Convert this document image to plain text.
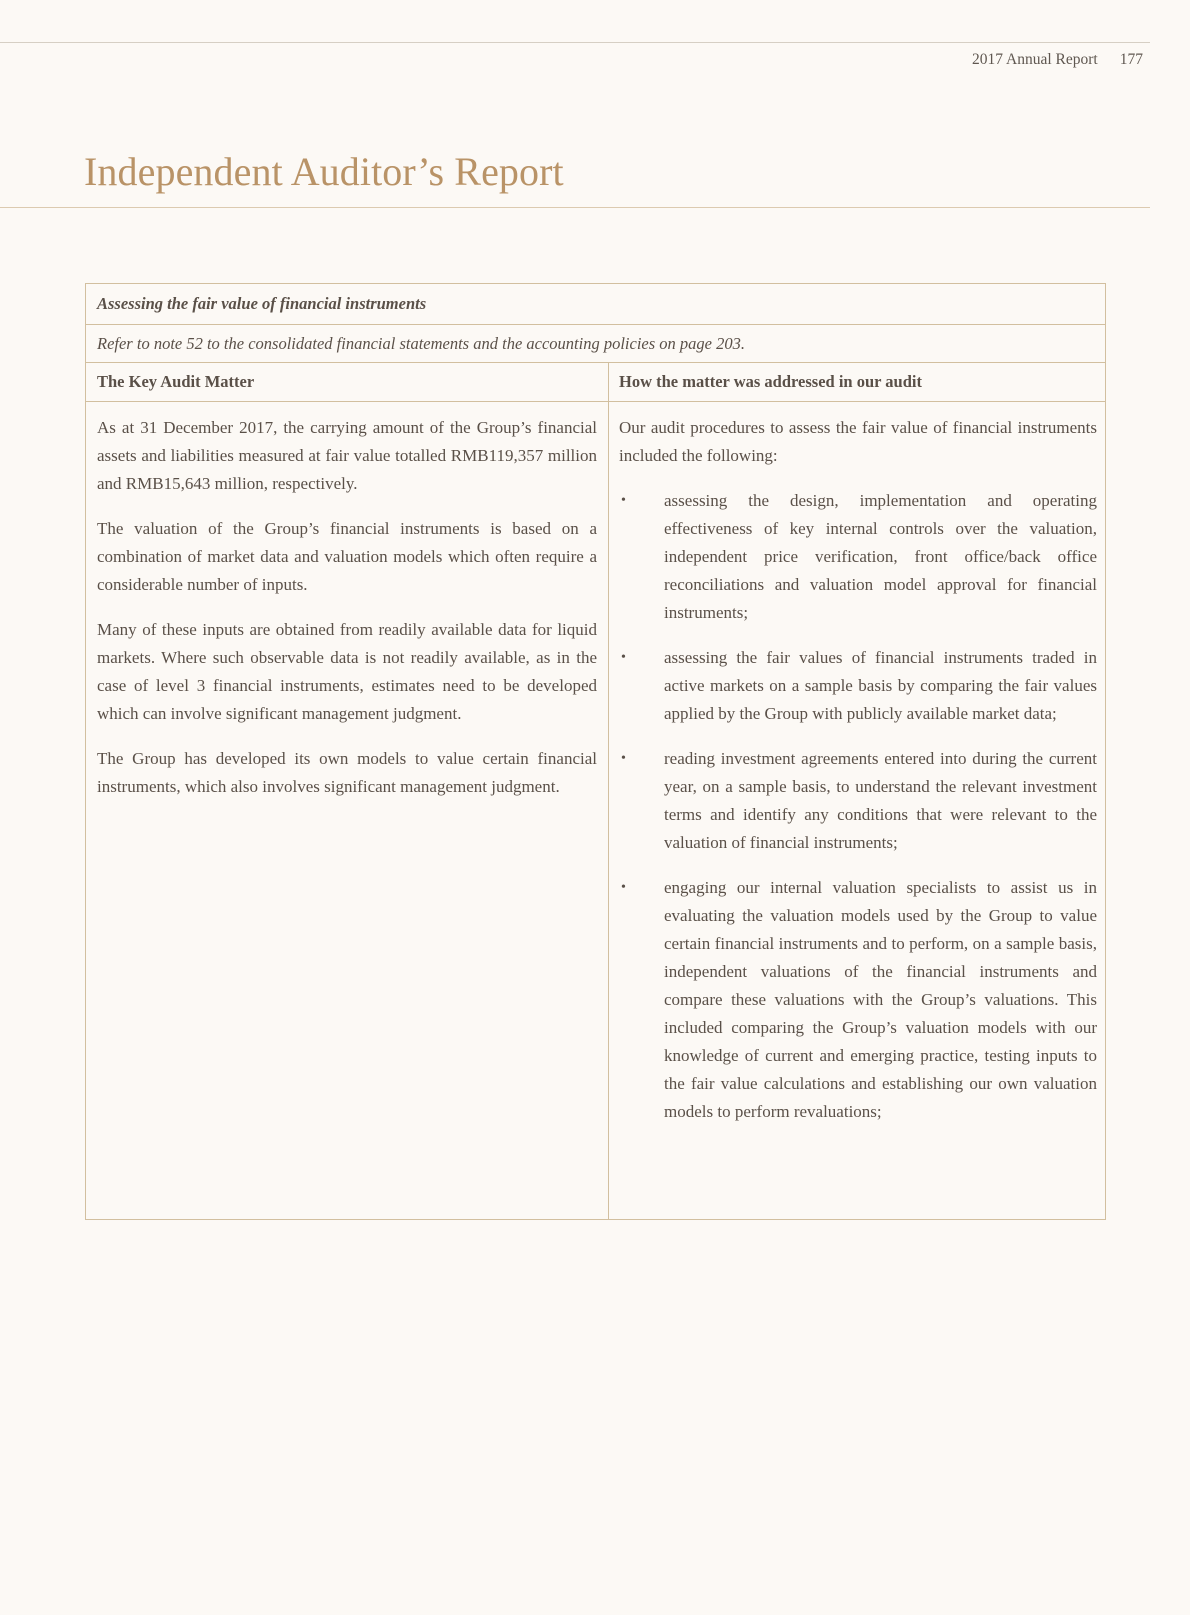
2017 Annual Report 177
Independent Auditor’s Report
Assessing the fair value of financial instruments
Refer to note 52 to the consolidated financial statements and the accounting policies on page 203.
The Key Audit Matter	How the matter was addressed in our audit

As at 31 December 2017, the carrying amount of the Group’s financial assets and liabilities measured at fair value totalled RMB119,357 million and RMB15,643 million, respectively.

The valuation of the Group’s financial instruments is based on a combination of market data and valuation models which often require a considerable number of inputs.

Many of these inputs are obtained from readily available data for liquid markets. Where such observable data is not readily available, as in the case of level 3 financial instruments, estimates need to be developed which can involve significant management judgment.

The Group has developed its own models to value certain financial instruments, which also involves significant management judgment.

Our audit procedures to assess the fair value of financial instruments included the following:

• assessing the design, implementation and operating effectiveness of key internal controls over the valuation, independent price verification, front office/back office reconciliations and valuation model approval for financial instruments;
• assessing the fair values of financial instruments traded in active markets on a sample basis by comparing the fair values applied by the Group with publicly available market data;
• reading investment agreements entered into during the current year, on a sample basis, to understand the relevant investment terms and identify any conditions that were relevant to the valuation of financial instruments;
• engaging our internal valuation specialists to assist us in evaluating the valuation models used by the Group to value certain financial instruments and to perform, on a sample basis, independent valuations of the financial instruments and compare these valuations with the Group’s valuations. This included comparing the Group’s valuation models with our knowledge of current and emerging practice, testing inputs to the fair value calculations and establishing our own valuation models to perform revaluations;
